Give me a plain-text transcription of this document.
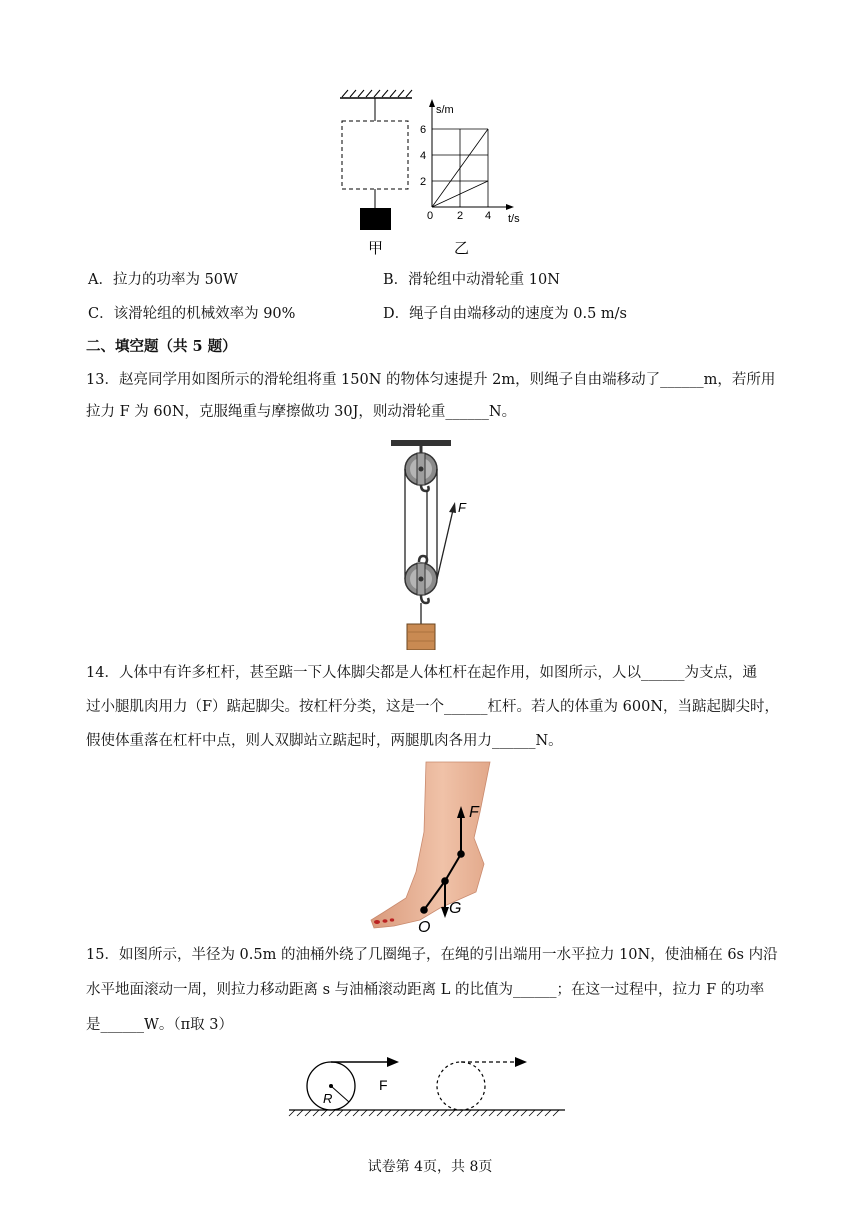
s/m
t/s
2
4
6
0 2 4
甲	乙
A．拉力的功率为 50W	B．滑轮组中动滑轮重 10N
C．该滑轮组的机械效率为 90%	D．绳子自由端移动的速度为 0.5 m/s
二、填空题（共 5 题）
13．赵亮同学用如图所示的滑轮组将重 150N 的物体匀速提升 2m，则绳子自由端移动了______m，若所用
拉力 F 为 60N，克服绳重与摩擦做功 30J，则动滑轮重______N。
F
14．人体中有许多杠杆，甚至踮一下人体脚尖都是人体杠杆在起作用，如图所示，人以______为支点，通
过小腿肌肉用力（F）踮起脚尖。按杠杆分类，这是一个______杠杆。若人的体重为 600N，当踮起脚尖时，
假使体重落在杠杆中点，则人双脚站立踮起时，两腿肌肉各用力______N。
F
G
O
15．如图所示，半径为 0.5m 的油桶外绕了几圈绳子，在绳的引出端用一水平拉力 10N，使油桶在 6s 内沿
水平地面滚动一周，则拉力移动距离 s 与油桶滚动距离 L 的比值为______；在这一过程中，拉力 F 的功率
是______W。（π取 3）
R
F
试卷第 4页，共 8页
